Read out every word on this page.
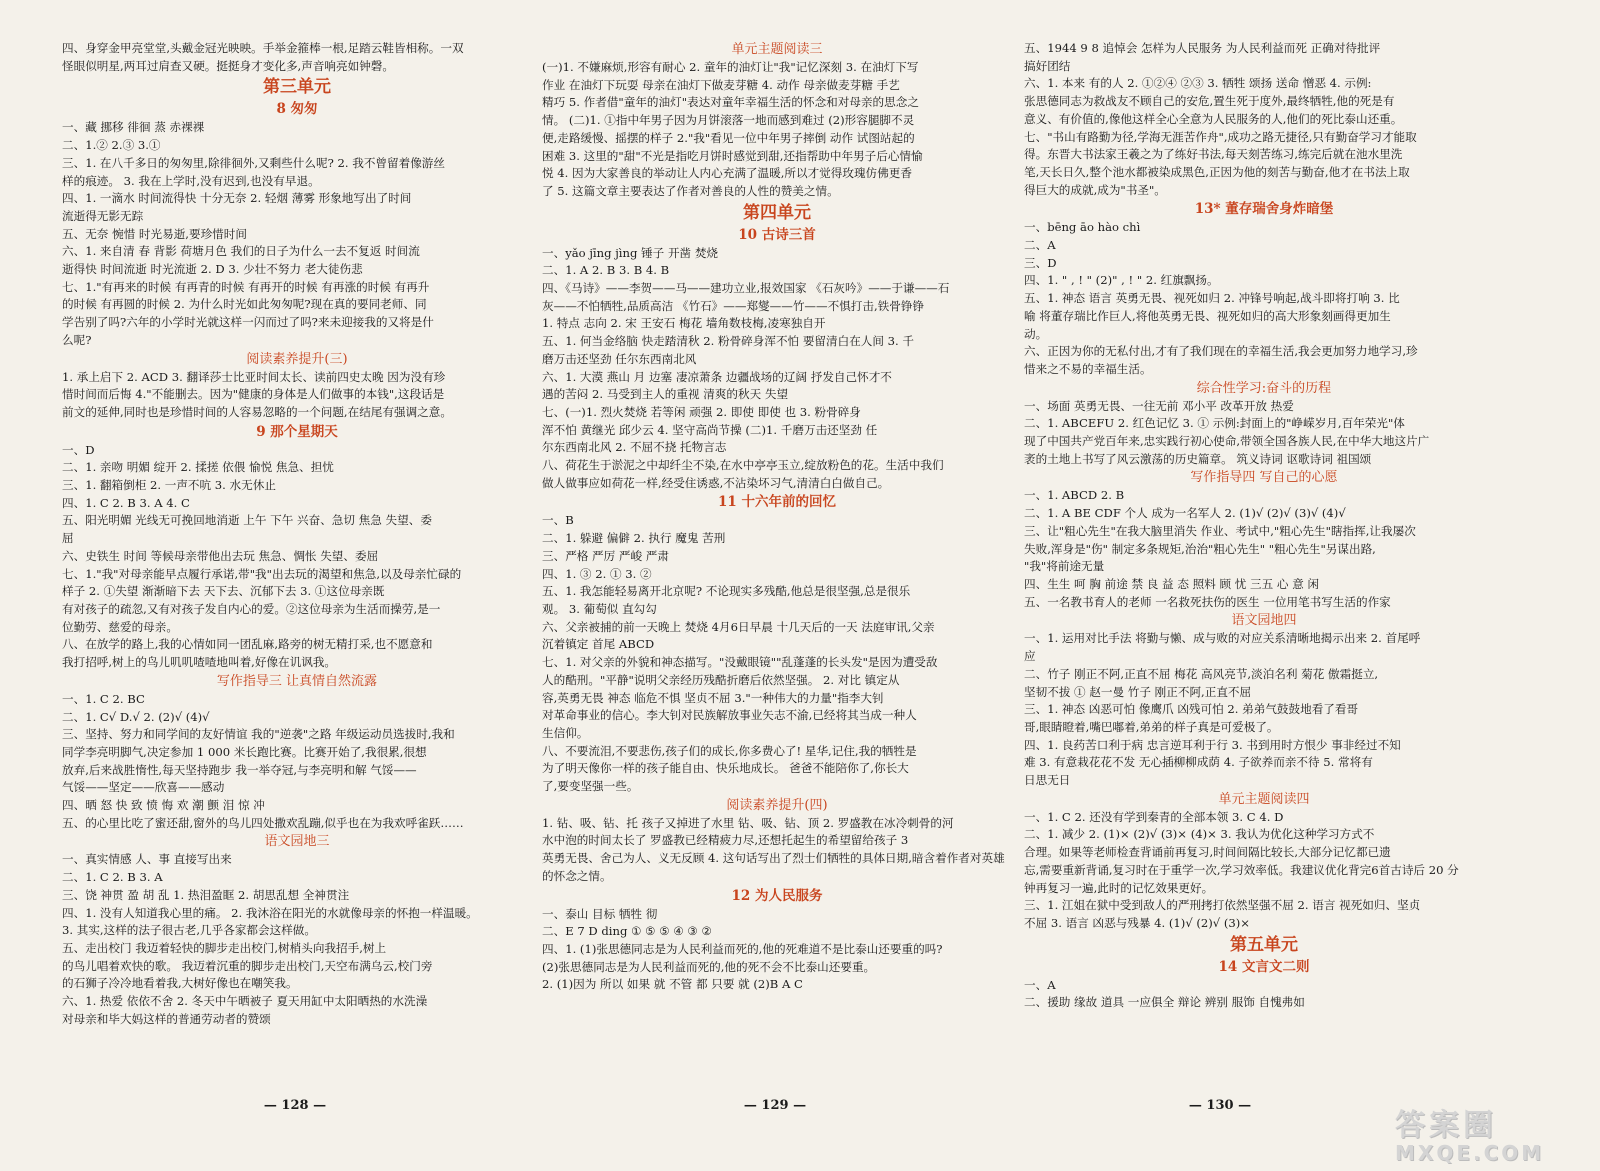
四、身穿金甲亮堂堂,头戴金冠光映映。手举金箍棒一根,足踏云鞋皆相称。一双
怪眼似明星,两耳过肩查又硬。挺挺身才变化多,声音响亮如钟磬。
第三单元
8 匆匆
一、藏 挪移 徘徊 蒸 赤裸裸
二、1.② 2.③ 3.①
三、1. 在八千多日的匆匆里,除徘徊外,又剩些什么呢? 2. 我不曾留着像游丝
样的痕迹。 3. 我在上学时,没有迟到,也没有早退。
四、1. 一滴水 时间流得快 十分无奈 2. 轻烟 薄雾 形象地写出了时间
流逝得无影无踪
五、无奈 惋惜 时光易逝,要珍惜时间
六、1. 来自清 春 背影 荷塘月色 我们的日子为什么一去不复返 时间流
逝得快 时间流逝 时光流逝 2. D 3. 少壮不努力 老大徒伤悲
七、1."有再来的时候 有再青的时候 有再开的时候 有再涨的时候 有再升
的时候 有再圆的时候 2. 为什么时光如此匆匆呢?现在真的要同老师、同
学告别了吗?六年的小学时光就这样一闪而过了吗?来未迎接我的又将是什
么呢?
阅读素养提升(三)
1. 承上启下 2. ACD 3. 翻译莎士比亚时间太长、读前四史太晚 因为没有珍
惜时间而后悔 4."不能删去。因为"健康的身体是人们做事的本钱",这段话是
前文的延伸,同时也是珍惜时间的人容易忽略的一个问题,在结尾有强调之意。
9 那个星期天
一、D
二、1. 亲吻 明媚 绽开 2. 揉搓 依偎 愉悦 焦急、担忧
三、1. 翻箱倒柜 2. 一声不吭 3. 水无休止
四、1. C 2. B 3. A 4. C
五、阳光明媚 光线无可挽回地消逝 上午 下午 兴奋、急切 焦急 失望、委
屈
六、史铁生 时间 等候母亲带他出去玩 焦急、惆怅 失望、委屈
七、1."我"对母亲能早点履行承诺,带"我"出去玩的渴望和焦急,以及母亲忙碌的
样子 2. ①失望 渐渐暗下去 天下去、沉郁下去 3. ①这位母亲既
有对孩子的疏忽,又有对孩子发自内心的爱。②这位母亲为生活而操劳,是一
位勤劳、慈爱的母亲。
八、在放学的路上,我的心情如同一团乱麻,路旁的树无精打采,也不愿意和
我打招呼,树上的鸟儿叽叽喳喳地叫着,好像在讥讽我。
写作指导三 让真情自然流露
一、1. C 2. BC
二、1. C√ D.√ 2. (2)√ (4)√
三、坚持、努力和同学间的友好情谊 我的"逆袭"之路 年级运动员选拔时,我和
同学李亮明脚气,决定参加 1 000 米长跑比赛。比赛开始了,我很累,很想
放弃,后来战胜惰性,每天坚持跑步 我一举夺冠,与李亮明和解 气馁——
气馁——坚定——欣喜——感动
四、晒 怒 快 致 愤 悔 欢 潮 颤 泪 惊 冲
五、的心里比吃了蜜还甜,窗外的鸟儿四处撒欢乱蹦,似乎也在为我欢呼雀跃……
语文园地三
一、真实情感 人、事 直接写出来
二、1. C 2. B 3. A
三、饶 神贯 盈 胡 乱 1. 热泪盈眶 2. 胡思乱想 全神贯注
四、1. 没有人知道我心里的痛。 2. 我沐浴在阳光的水就像母亲的怀抱一样温暖。
3. 其实,这样的法子很古老,几乎各家都会这样做。
五、走出校门 我迈着轻快的脚步走出校门,树梢头向我招手,树上
的鸟儿唱着欢快的歌。 我迈着沉重的脚步走出校门,天空布满乌云,校门旁
的石狮子冷冷地看着我,大树好像也在嘲笑我。
六、1. 热爱 依依不舍 2. 冬天中午晒被子 夏天用缸中太阳晒热的水洗澡
对母亲和毕大妈这样的普通劳动者的赞颂
单元主题阅读三
(一)1. 不嫌麻烦,形容有耐心 2. 童年的油灯让"我"记忆深刻 3. 在油灯下写
作业 在油灯下玩耍 母亲在油灯下做麦芽糖 4. 动作 母亲做麦芽糖 手艺
精巧 5. 作者借"童年的油灯"表达对童年幸福生活的怀念和对母亲的思念之
情。 (二)1. ①指中年男子因为月饼滚落一地而感到难过 (2)形容腿脚不灵
便,走路缓慢、摇摆的样子 2."我"看见一位中年男子摔倒 动作 试图站起的
困难 3. 这里的"甜"不光是指吃月饼时感觉到甜,还指帮助中年男子后心情愉
悦 4. 因为大家善良的举动让人内心充满了温暖,所以才觉得玫瑰仿佛更香
了 5. 这篇文章主要表达了作者对善良的人性的赞美之情。
第四单元
10 古诗三首
一、yǎo jīng jìng 锤子 开凿 焚烧
二、1. A 2. B 3. B 4. B
四、《马诗》——李贺——马——建功立业,报效国家 《石灰吟》——于谦——石
灰——不怕牺牲,品质高洁 《竹石》——郑燮——竹——不惧打击,铁骨铮铮
1. 特点 志向 2. 宋 王安石 梅花 墙角数枝梅,凌寒独自开
五、1. 何当金络脑 快走踏清秋 2. 粉骨碎身浑不怕 要留清白在人间 3. 千
磨万击还坚劲 任尔东西南北风
六、1. 大漠 燕山 月 边塞 凄凉萧条 边疆战场的辽阔 抒发自己怀才不
遇的苦闷 2. 马受到主人的重视 清爽的秋天 失望
七、(一)1. 烈火焚烧 若等闲 顽强 2. 即使 即使 也 3. 粉骨碎身
浑不怕 黄继光 邱少云 4. 坚守高尚节操 (二)1. 千磨万击还坚劲 任
尔东西南北风 2. 不屈不挠 托物言志
八、荷花生于淤泥之中却纤尘不染,在水中亭亭玉立,绽放粉色的花。生活中我们
做人做事应如荷花一样,经受住诱惑,不沾染坏习气,清清白白做自己。
11 十六年前的回忆
一、B
二、1. 躲避 偏僻 2. 执行 魔鬼 苦刑
三、严格 严厉 严峻 严肃
四、1. ③ 2. ① 3. ②
五、1. 我怎能轻易离开北京呢? 不论现实多残酷,他总是很坚强,总是很乐
观。 3. 葡萄似 直勾勾
六、父亲被捕的前一天晚上 焚烧 4月6日早晨 十几天后的一天 法庭审讯,父亲
沉着镇定 首尾 ABCD
七、1. 对父亲的外貌和神态描写。"没戴眼镜""乱蓬蓬的长头发"是因为遭受敌
人的酷刑。"平静"说明父亲经历残酷折磨后依然坚强。 2. 对比 镇定从
容,英勇无畏 神态 临危不惧 坚贞不屈 3."一种伟大的力量"指李大钊
对革命事业的信心。李大钊对民族解放事业矢志不渝,已经将其当成一种人
生信仰。
八、不要流泪,不要悲伤,孩子们的成长,你多费心了! 星华,记住,我的牺牲是
为了明天像你一样的孩子能自由、快乐地成长。 爸爸不能陪你了,你长大
了,要变坚强一些。
阅读素养提升(四)
1. 钻、吸、钻、托 孩子又掉进了水里 钻、吸、钻、顶 2. 罗盛教在冰冷刺骨的河
水中泡的时间太长了 罗盛教已经精疲力尽,还想托起生的希望留给孩子 3
英勇无畏、舍己为人、义无反顾 4. 这句话写出了烈士们牺牲的具体日期,暗含着作者对英雄
的怀念之情。
12 为人民服务
一、泰山 目标 牺牲 彻
二、E 7 D ding ① ⑤ ⑤ ④ ③ ②
四、1. (1)张思德同志是为人民利益而死的,他的死难道不是比泰山还要重的吗?
(2)张思德同志是为人民利益而死的,他的死不会不比泰山还要重。
2. (1)因为 所以 如果 就 不管 都 只要 就 (2)B A C
五、1944 9 8 追悼会 怎样为人民服务 为人民利益而死 正确对待批评
搞好团结
六、1. 本来 有的人 2. ①②④ ②③ 3. 牺牲 颂扬 送命 憎恶 4. 示例:
张思德同志为救战友不顾自己的安危,置生死于度外,最终牺牲,他的死是有
意义、有价值的,像他这样全心全意为人民服务的人,他们的死比泰山还重。
七、"书山有路勤为径,学海无涯苦作舟",成功之路无捷径,只有勤奋学习才能取
得。东晋大书法家王羲之为了练好书法,每天刻苦练习,练完后就在池水里洗
笔,天长日久,整个池水都被染成黑色,正因为他的刻苦与勤奋,他才在书法上取
得巨大的成就,成为"书圣"。
13* 董存瑞舍身炸暗堡
一、bēng āo hào chì
二、A
三、D
四、1. " , ! " (2)" , ! " 2. 红旗飘扬。
五、1. 神态 语言 英勇无畏、视死如归 2. 冲锋号响起,战斗即将打响 3. 比
喻 将董存瑞比作巨人,将他英勇无畏、视死如归的高大形象刻画得更加生
动。
六、正因为你的无私付出,才有了我们现在的幸福生活,我会更加努力地学习,珍
惜来之不易的幸福生活。
综合性学习:奋斗的历程
一、场面 英勇无畏、一往无前 邓小平 改革开放 热爱
二、1. ABCEFU 2. 红色记忆 3. ① 示例:封面上的"峥嵘岁月,百年荣光"体
现了中国共产党百年来,忠实践行初心使命,带领全国各族人民,在中华大地这片广
袤的土地上书写了风云激荡的历史篇章。 筑义诗词 讴歌诗词 祖国颂
写作指导四 写自己的心愿
一、1. ABCD 2. B
二、1. A BE CDF 个人 成为一名军人 2. (1)√ (2)√ (3)√ (4)√
三、让"粗心先生"在我大脑里消失 作业、考试中,"粗心先生"瞎指挥,让我屡次
失败,浑身是"伤" 制定多条规矩,治治"粗心先生" "粗心先生"另谋出路,
"我"将前途无量
四、生生 呵 胸 前途 禁 良 益 态 照料 顾 忧 三五 心 意 闲
五、一名教书育人的老师 一名救死扶伤的医生 一位用笔书写生活的作家
语文园地四
一、1. 运用对比手法 将勤与懒、成与败的对应关系清晰地揭示出来 2. 首尾呼
应
二、竹子 刚正不阿,正直不屈 梅花 高风亮节,淡泊名利 菊花 傲霜挺立,
坚韧不拔 ① 赵一曼 竹子 刚正不阿,正直不屈
三、1. 神态 凶恶可怕 像鹰爪 凶残可怕 2. 弟弟气鼓鼓地看了看哥
哥,眼睛瞪着,嘴巴嘟着,弟弟的样子真是可爱极了。
四、1. 良药苦口利于病 忠言逆耳利于行 3. 书到用时方恨少 事非经过不知
难 3. 有意栽花花不发 无心插柳柳成荫 4. 子欲养而亲不待 5. 常将有
日思无日
单元主题阅读四
一、1. C 2. 还没有学到秦青的全部本领 3. C 4. D
二、1. 减少 2. (1)× (2)√ (3)× (4)× 3. 我认为优化这种学习方式不
合理。如果等老师检查背诵前再复习,时间间隔比较长,大部分记忆都已遗
忘,需要重新背诵,复习时在于重学一次,学习效率低。我建议优化背完6首古诗后 20 分
钟再复习一遍,此时的记忆效果更好。
三、1. 江姐在狱中受到敌人的严刑拷打依然坚强不屈 2. 语言 视死如归、坚贞
不屈 3. 语言 凶恶与残暴 4. (1)√ (2)√ (3)×
第五单元
14 文言文二则
一、A
二、援助 缘故 道具 一应俱全 辩论 辨别 服饰 自愧弗如
— 128 —	— 129 —	— 130 —
答案圈
MXQE.COM
